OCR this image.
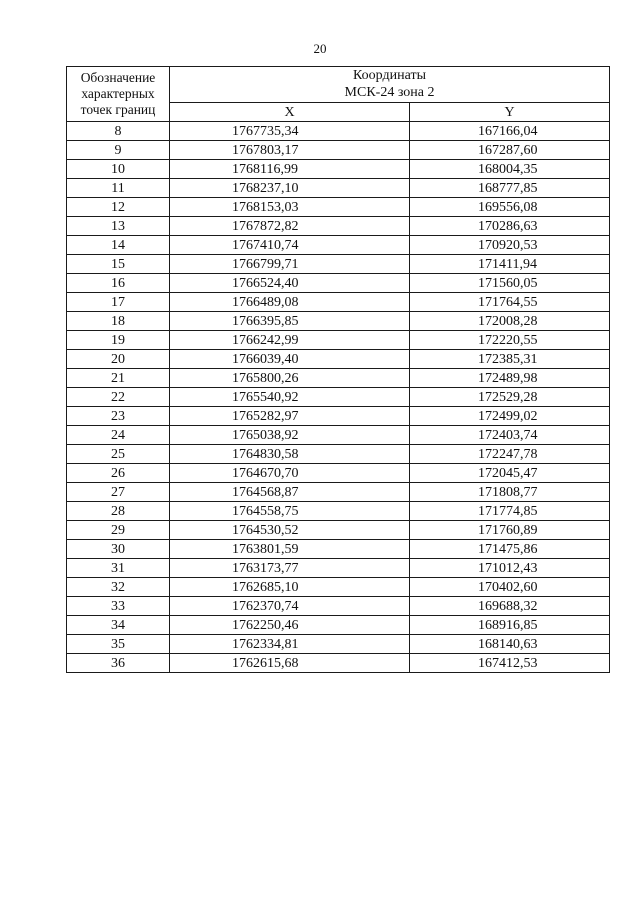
20
Обозначение
характерных
точек границ	Координаты
МСК-24 зона 2	

	X	Y
8	1767735,34	167166,04
9	1767803,17	167287,60
10	1768116,99	168004,35
11	1768237,10	168777,85
12	1768153,03	169556,08
13	1767872,82	170286,63
14	1767410,74	170920,53
15	1766799,71	171411,94
16	1766524,40	171560,05
17	1766489,08	171764,55
18	1766395,85	172008,28
19	1766242,99	172220,55
20	1766039,40	172385,31
21	1765800,26	172489,98
22	1765540,92	172529,28
23	1765282,97	172499,02
24	1765038,92	172403,74
25	1764830,58	172247,78
26	1764670,70	172045,47
27	1764568,87	171808,77
28	1764558,75	171774,85
29	1764530,52	171760,89
30	1763801,59	171475,86
31	1763173,77	171012,43
32	1762685,10	170402,60
33	1762370,74	169688,32
34	1762250,46	168916,85
35	1762334,81	168140,63
36	1762615,68	167412,53
